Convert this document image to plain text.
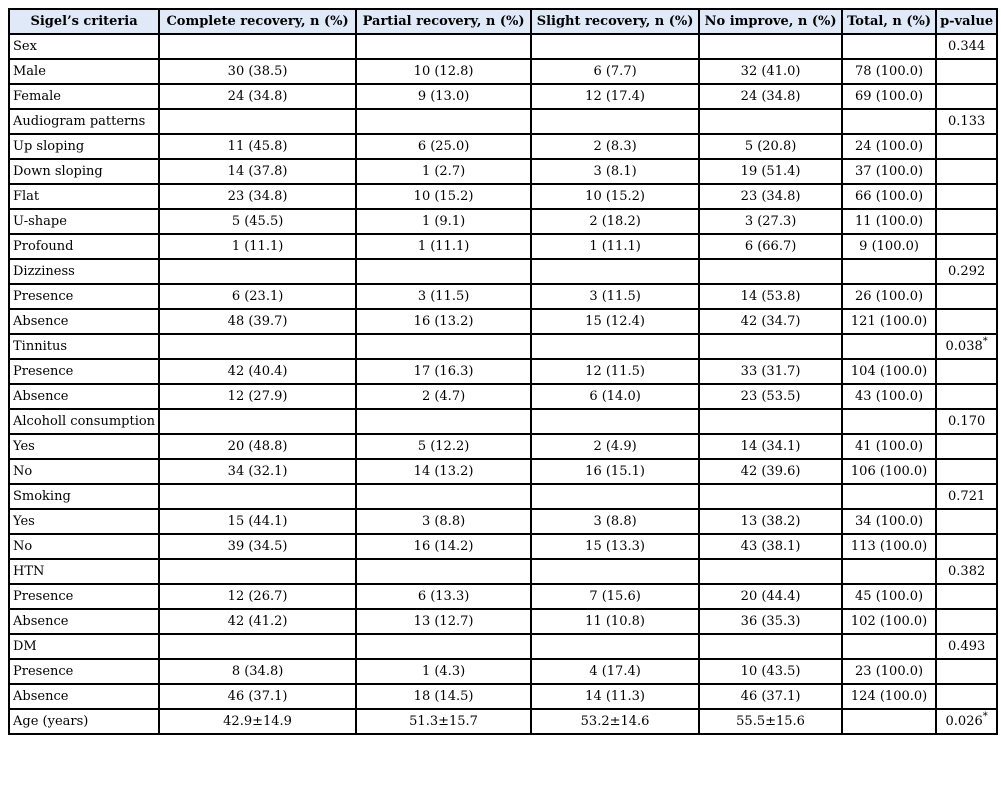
Sigel’s criteria	Complete recovery, n (%)	Partial recovery, n (%)	Slight recovery, n (%)	No improve, n (%)	Total, n (%)	p-value
Sex						0.344
Male	30 (38.5)	10 (12.8)	6 (7.7)	32 (41.0)	78 (100.0)	
Female	24 (34.8)	9 (13.0)	12 (17.4)	24 (34.8)	69 (100.0)	
Audiogram patterns						0.133
Up sloping	11 (45.8)	6 (25.0)	2 (8.3)	5 (20.8)	24 (100.0)	
Down sloping	14 (37.8)	1 (2.7)	3 (8.1)	19 (51.4)	37 (100.0)	
Flat	23 (34.8)	10 (15.2)	10 (15.2)	23 (34.8)	66 (100.0)	
U-shape	5 (45.5)	1 (9.1)	2 (18.2)	3 (27.3)	11 (100.0)	
Profound	1 (11.1)	1 (11.1)	1 (11.1)	6 (66.7)	9 (100.0)	
Dizziness						0.292
Presence	6 (23.1)	3 (11.5)	3 (11.5)	14 (53.8)	26 (100.0)	
Absence	48 (39.7)	16 (13.2)	15 (12.4)	42 (34.7)	121 (100.0)	
Tinnitus						0.038*
Presence	42 (40.4)	17 (16.3)	12 (11.5)	33 (31.7)	104 (100.0)	
Absence	12 (27.9)	2 (4.7)	6 (14.0)	23 (53.5)	43 (100.0)	
Alcoholl consumption						0.170
Yes	20 (48.8)	5 (12.2)	2 (4.9)	14 (34.1)	41 (100.0)	
No	34 (32.1)	14 (13.2)	16 (15.1)	42 (39.6)	106 (100.0)	
Smoking						0.721
Yes	15 (44.1)	3 (8.8)	3 (8.8)	13 (38.2)	34 (100.0)	
No	39 (34.5)	16 (14.2)	15 (13.3)	43 (38.1)	113 (100.0)	
HTN						0.382
Presence	12 (26.7)	6 (13.3)	7 (15.6)	20 (44.4)	45 (100.0)	
Absence	42 (41.2)	13 (12.7)	11 (10.8)	36 (35.3)	102 (100.0)	
DM						0.493
Presence	8 (34.8)	1 (4.3)	4 (17.4)	10 (43.5)	23 (100.0)	
Absence	46 (37.1)	18 (14.5)	14 (11.3)	46 (37.1)	124 (100.0)	
Age (years)	42.9±14.9	51.3±15.7	53.2±14.6	55.5±15.6		0.026*
